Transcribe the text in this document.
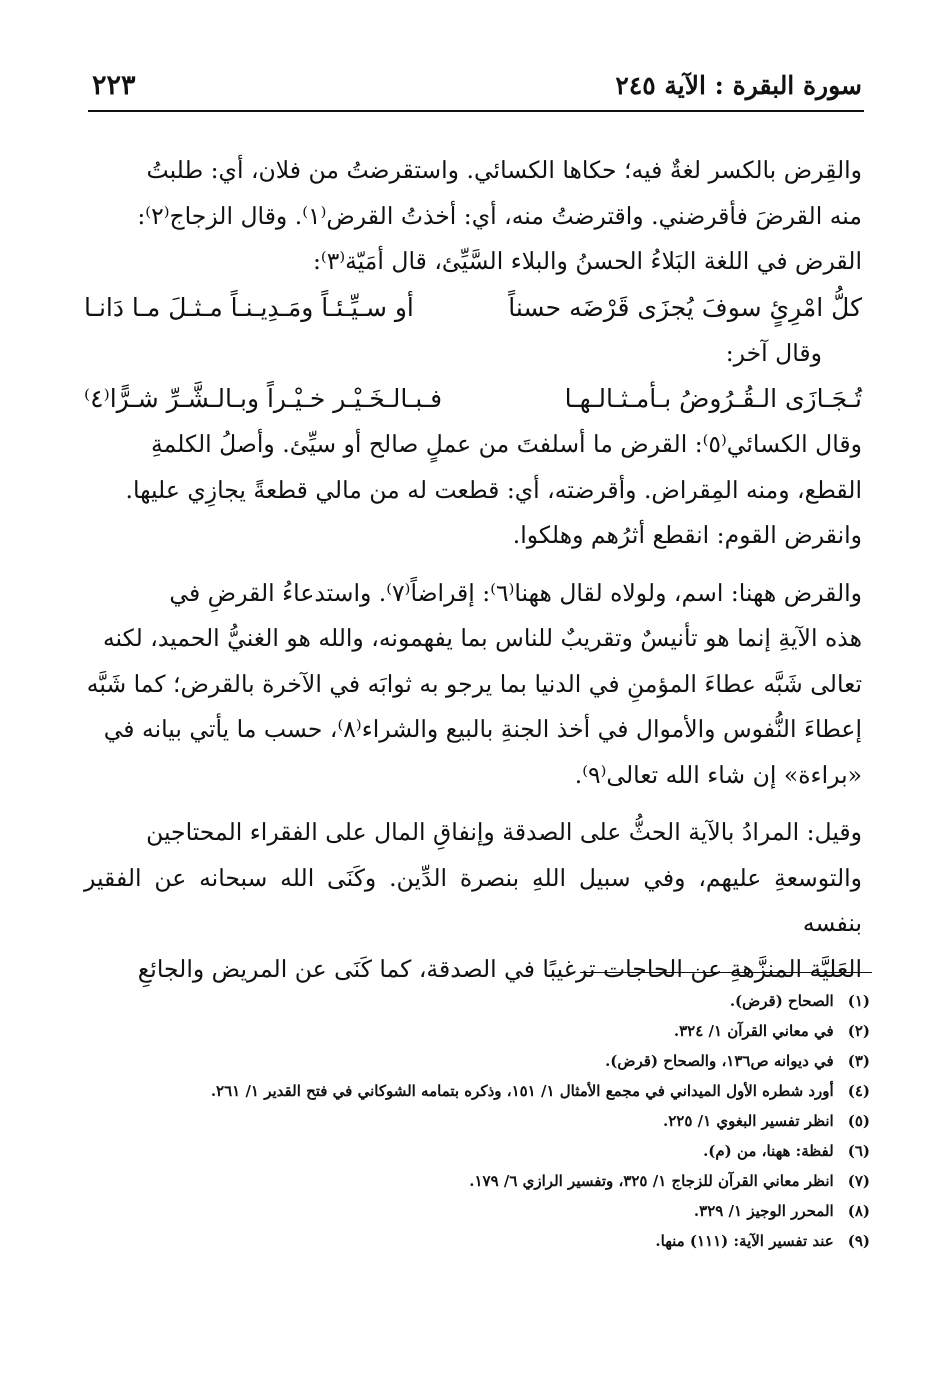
سورة البقرة : الآية ٢٤٥
٢٢٣

والقِرض بالكسر لغةٌ فيه؛ حكاها الكسائي. واستقرضتُ من فلان، أي: طلبتُ

منه القرضَ فأقرضني. واقترضتُ منه، أي: أخذتُ القرض⁽١⁾. وقال الزجاج⁽٢⁾:

القرض في اللغة البَلاءُ الحسنُ والبلاء السَّيِّئ، قال أمَيّة⁽٣⁾:

كلُّ امْرِئٍ سوفَ يُجزَى قَرْضَه حسناً
أو سـيِّـئـاً ومَـدِيـنـاً مـثـلَ مـا دَانـا

وقال آخر:

تُـجَـازَى الـقُـرُوضُ بـأمـثـالـهـا
فـبـالـخَـيْـر خـيْـراً وبـالـشَّـرِّ شـرًّا⁽٤⁾

وقال الكسائي⁽٥⁾: القرض ما أسلفتَ من عملٍ صالح أو سيِّئ. وأصلُ الكلمةِ

القطع، ومنه المِقراض. وأقرضته، أي: قطعت له من مالي قطعةً يجازِي عليها.

وانقرض القوم: انقطع أثرُهم وهلكوا.

والقرض ههنا: اسم، ولولاه لقال ههنا⁽٦⁾: إقراضاً⁽٧⁾. واستدعاءُ القرضِ في

هذه الآيةِ إنما هو تأنيسٌ وتقريبٌ للناس بما يفهمونه، والله هو الغنيُّ الحميد، لكنه

تعالى شَبَّه عطاءَ المؤمنِ في الدنيا بما يرجو به ثوابَه في الآخرة بالقرض؛ كما شَبَّه

إعطاءَ النُّفوس والأموال في أخذ الجنةِ بالبيع والشراء⁽٨⁾، حسب ما يأتي بيانه في

«براءة» إن شاء الله تعالى⁽٩⁾.

وقيل: المرادُ بالآية الحثُّ على الصدقة وإنفاقِ المال على الفقراء المحتاجين

والتوسعةِ عليهم، وفي سبيل اللهِ بنصرة الدِّين. وكَنَى الله سبحانه عن الفقير بنفسه

العَليَّة المنزَّهةِ عن الحاجات ترغيبًا في الصدقة، كما كَنَى عن المريض والجائعِ

(١)الصحاح (قرض).
(٢)في معاني القرآن ١/ ٣٢٤.
(٣)في ديوانه ص١٣٦، والصحاح (قرض).
(٤)أورد شطره الأول الميداني في مجمع الأمثال ١/ ١٥١، وذكره بتمامه الشوكاني في فتح القدير ١/ ٢٦١.
(٥)انظر تفسير البغوي ١/ ٢٢٥.
(٦)لفظة: ههنا، من (م).
(٧)انظر معاني القرآن للزجاج ١/ ٣٢٥، وتفسير الرازي ٦/ ١٧٩.
(٨)المحرر الوجيز ١/ ٣٢٩.
(٩)عند تفسير الآية: (١١١) منها.
